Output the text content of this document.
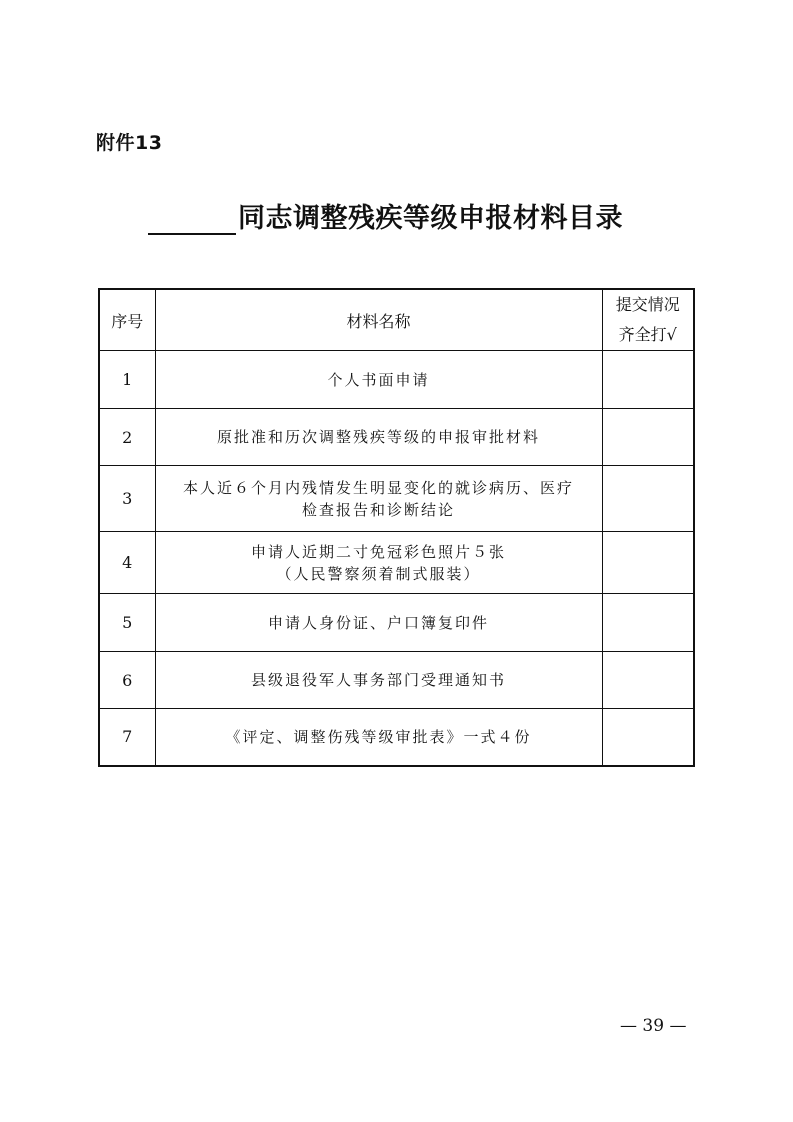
附件13
同志调整残疾等级申报材料目录
序号	材料名称	提交情况
齐全打√

1	个人书面申请	

2	原批准和历次调整残疾等级的申报审批材料	

3	本人近６个月内残情发生明显变化的就诊病历、医疗
检查报告和诊断结论	

4	申请人近期二寸免冠彩色照片５张
（人民警察须着制式服装）	

5	申请人身份证、户口簿复印件	

6	县级退役军人事务部门受理通知书	

7	《评定、调整伤残等级审批表》一式４份	

— 39 —
